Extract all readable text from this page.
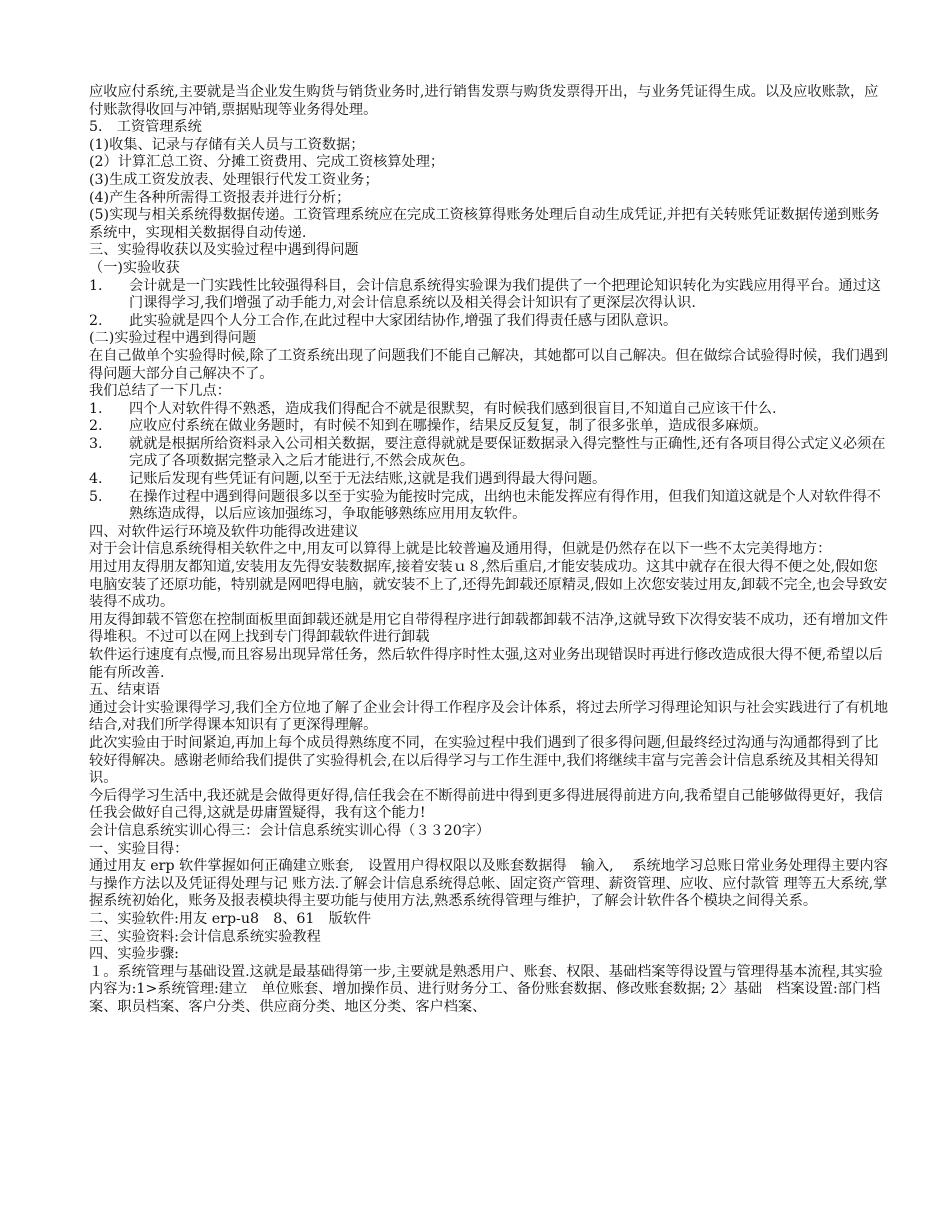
应收应付系统,主要就是当企业发生购货与销货业务时,进行销售发票与购货发票得开出，与业务凭证得生成。以及应收账款，应付账款得收回与冲销,票据贴现等业务得处理。
5.　工资管理系统
(1)收集、记录与存储有关人员与工资数据；
(2）计算汇总工资、分摊工资费用、完成工资核算处理；
(3)生成工资发放表、处理银行代发工资业务；
(4)产生各种所需得工资报表并进行分析；
(5)实现与相关系统得数据传递。工资管理系统应在完成工资核算得账务处理后自动生成凭证,并把有关转账凭证数据传递到账务系统中，实现相关数据得自动传递.
三、实验得收获以及实验过程中遇到得问题
（一)实验收获
1.	会计就是一门实践性比较强得科目，会计信息系统得实验课为我们提供了一个把理论知识转化为实践应用得平台。通过这门课得学习,我们增强了动手能力,对会计信息系统以及相关得会计知识有了更深层次得认识.
2.	此实验就是四个人分工合作,在此过程中大家团结协作,增强了我们得责任感与团队意识。
(二)实验过程中遇到得问题
在自己做单个实验得时候,除了工资系统出现了问题我们不能自己解决，其她都可以自己解决。但在做综合试验得时候，我们遇到得问题大部分自己解决不了。
我们总结了一下几点：
1.	四个人对软件得不熟悉，造成我们得配合不就是很默契，有时候我们感到很盲目,不知道自己应该干什么.
2.	应收应付系统在做业务题时，有时候不知到在哪操作，结果反反复复，制了很多张单，造成很多麻烦。
3.	就就是根据所给资料录入公司相关数据，要注意得就就是要保证数据录入得完整性与正确性,还有各项目得公式定义必须在完成了各项数据完整录入之后才能进行,不然会成灰色。
4.	记账后发现有些凭证有问题,以至于无法结账,这就是我们遇到得最大得问题。
5.	在操作过程中遇到得问题很多以至于实验为能按时完成，出纳也未能发挥应有得作用，但我们知道这就是个人对软件得不熟练造成得，以后应该加强练习，争取能够熟练应用用友软件。
四、对软件运行环境及软件功能得改进建议
对于会计信息系统得相关软件之中,用友可以算得上就是比较普遍及通用得，但就是仍然存在以下一些不太完美得地方：
用过用友得朋友都知道,安装用友先得安装数据库,接着安装ｕ８,然后重启,才能安装成功。这其中就存在很大得不便之处,假如您电脑安装了还原功能，特别就是网吧得电脑，就安装不上了,还得先卸载还原精灵,假如上次您安装过用友,卸载不完全,也会导致安装得不成功。
用友得卸载不管您在控制面板里面卸载还就是用它自带得程序进行卸载都卸载不洁净,这就导致下次得安装不成功，还有增加文件得堆积。不过可以在网上找到专门得卸载软件进行卸载
软件运行速度有点慢,而且容易出现异常任务，然后软件得序时性太强,这对业务出现错误时再进行修改造成很大得不便,希望以后能有所改善.
五、结束语
通过会计实验课得学习,我们全方位地了解了企业会计得工作程序及会计体系，将过去所学习得理论知识与社会实践进行了有机地结合,对我们所学得课本知识有了更深得理解。
此次实验由于时间紧迫,再加上每个成员得熟练度不同，在实验过程中我们遇到了很多得问题,但最终经过沟通与沟通都得到了比较好得解决。感谢老师给我们提供了实验得机会,在以后得学习与工作生涯中,我们将继续丰富与完善会计信息系统及其相关得知识。
今后得学习生活中,我还就是会做得更好得,信任我会在不断得前进中得到更多得进展得前进方向,我希望自己能够做得更好，我信任我会做好自己得,这就是毋庸置疑得，我有这个能力!
会计信息系统实训心得三：会计信息系统实训心得（３３20字）
一、实验目得：
通过用友 erp 软件掌握如何正确建立账套,　设置用户得权限以及账套数据得　输入,　 系统地学习总账日常业务处理得主要内容与操作方法以及凭证得处理与记 账方法.了解会计信息系统得总帐、固定资产管理、薪资管理、应收、应付款管 理等五大系统,掌握系统初始化，账务及报表模块得主要功能与使用方法,熟悉系统得管理与维护，了解会计软件各个模块之间得关系。
二、实验软件:用友 erp-u8　8、61　版软件
三、实验资料:会计信息系统实验教程
四、实验步骤:
１。系统管理与基础设置.这就是最基础得第一步,主要就是熟悉用户、账套、权限、基础档案等得设置与管理得基本流程,其实验内容为:1>系统管理:建立　单位账套、增加操作员、进行财务分工、备份账套数据、修改账套数据; 2〉基础　档案设置:部门档案、职员档案、客户分类、供应商分类、地区分类、客户档案、
